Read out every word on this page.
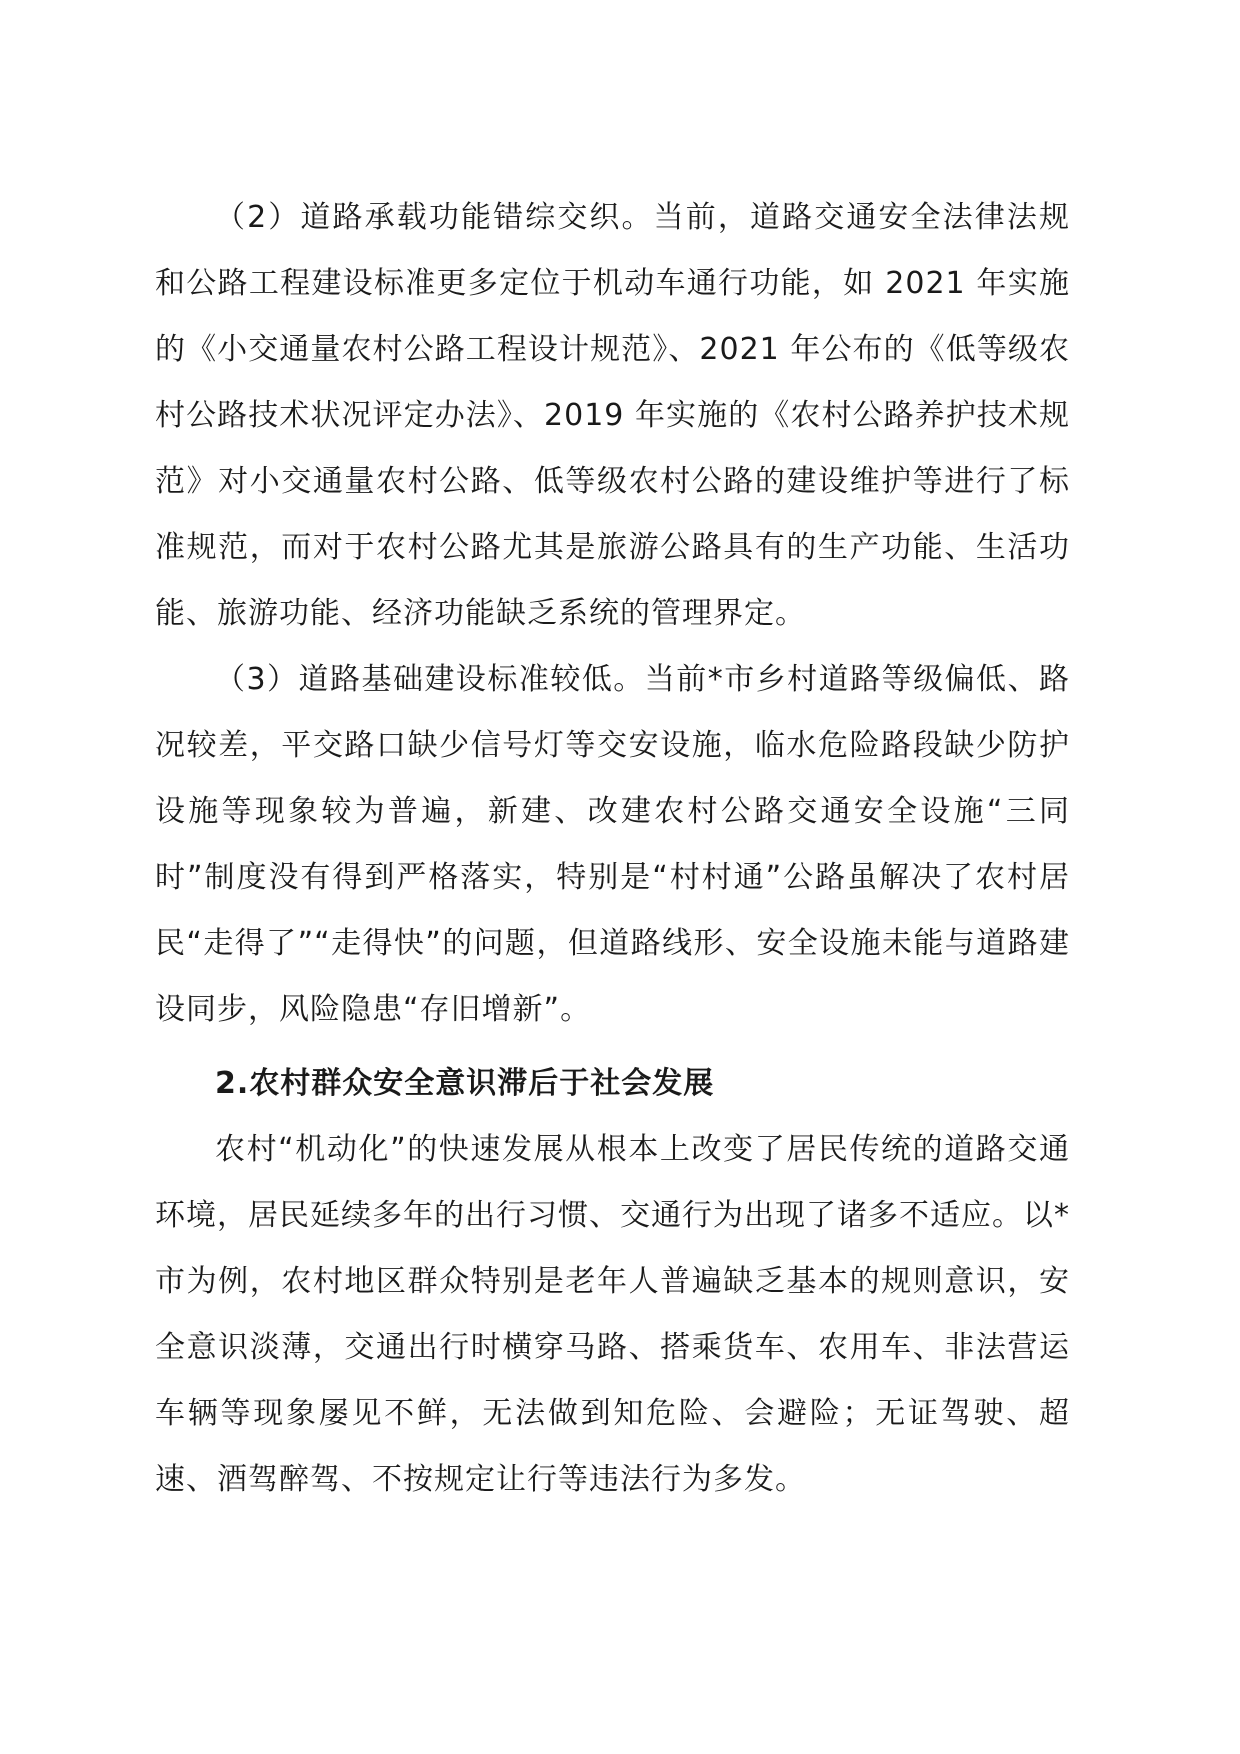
（2）道路承载功能错综交织。当前，道路交通安全法律法规和公路工程建设标准更多定位于机动车通行功能，如 2021 年实施的《小交通量农村公路工程设计规范》、2021 年公布的《低等级农村公路技术状况评定办法》、2019 年实施的《农村公路养护技术规范》对小交通量农村公路、低等级农村公路的建设维护等进行了标准规范，而对于农村公路尤其是旅游公路具有的生产功能、生活功能、旅游功能、经济功能缺乏系统的管理界定。

（3）道路基础建设标准较低。当前*市乡村道路等级偏低、路况较差，平交路口缺少信号灯等交安设施，临水危险路段缺少防护设施等现象较为普遍，新建、改建农村公路交通安全设施“三同时”制度没有得到严格落实，特别是“村村通”公路虽解决了农村居民“走得了”“走得快”的问题，但道路线形、安全设施未能与道路建设同步，风险隐患“存旧增新”。

2.农村群众安全意识滞后于社会发展

农村“机动化”的快速发展从根本上改变了居民传统的道路交通环境，居民延续多年的出行习惯、交通行为出现了诸多不适应。以*市为例，农村地区群众特别是老年人普遍缺乏基本的规则意识，安全意识淡薄，交通出行时横穿马路、搭乘货车、农用车、非法营运车辆等现象屡见不鲜，无法做到知危险、会避险；无证驾驶、超速、酒驾醉驾、不按规定让行等违法行为多发。
